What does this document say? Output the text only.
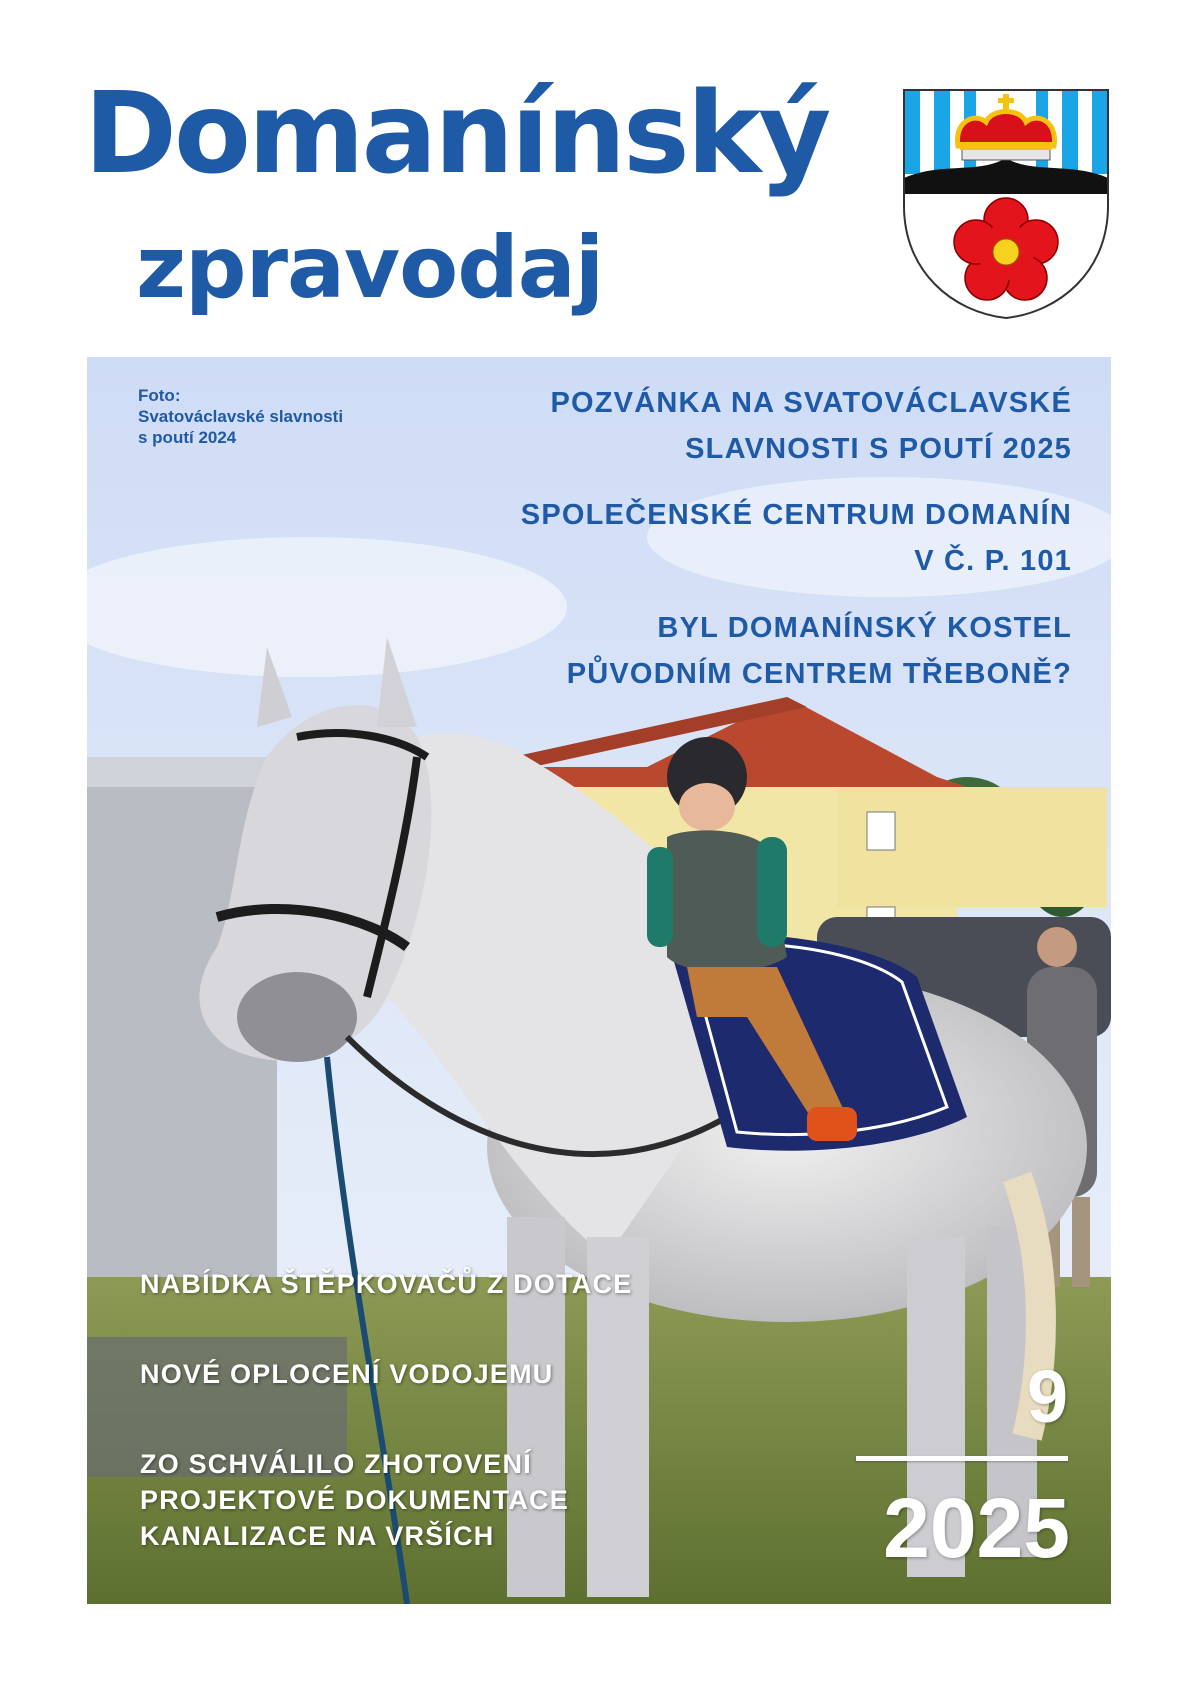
Domanínský
zpravodaj
Foto:
Svatováclavské slavnosti
s poutí 2024
POZVÁNKA NA SVATOVÁCLAVSKÉ
SLAVNOSTI S POUTÍ 2025
SPOLEČENSKÉ CENTRUM DOMANÍN
V Č. P. 101
BYL DOMANÍNSKÝ KOSTEL
PŮVODNÍM CENTREM TŘEBONĚ?
NABÍDKA ŠTĚPKOVAČŮ Z DOTACE
NOVÉ OPLOCENÍ VODOJEMU
ZO SCHVÁLILO ZHOTOVENÍ
PROJEKTOVÉ DOKUMENTACE
KANALIZACE NA VRŠÍCH
9
2025
